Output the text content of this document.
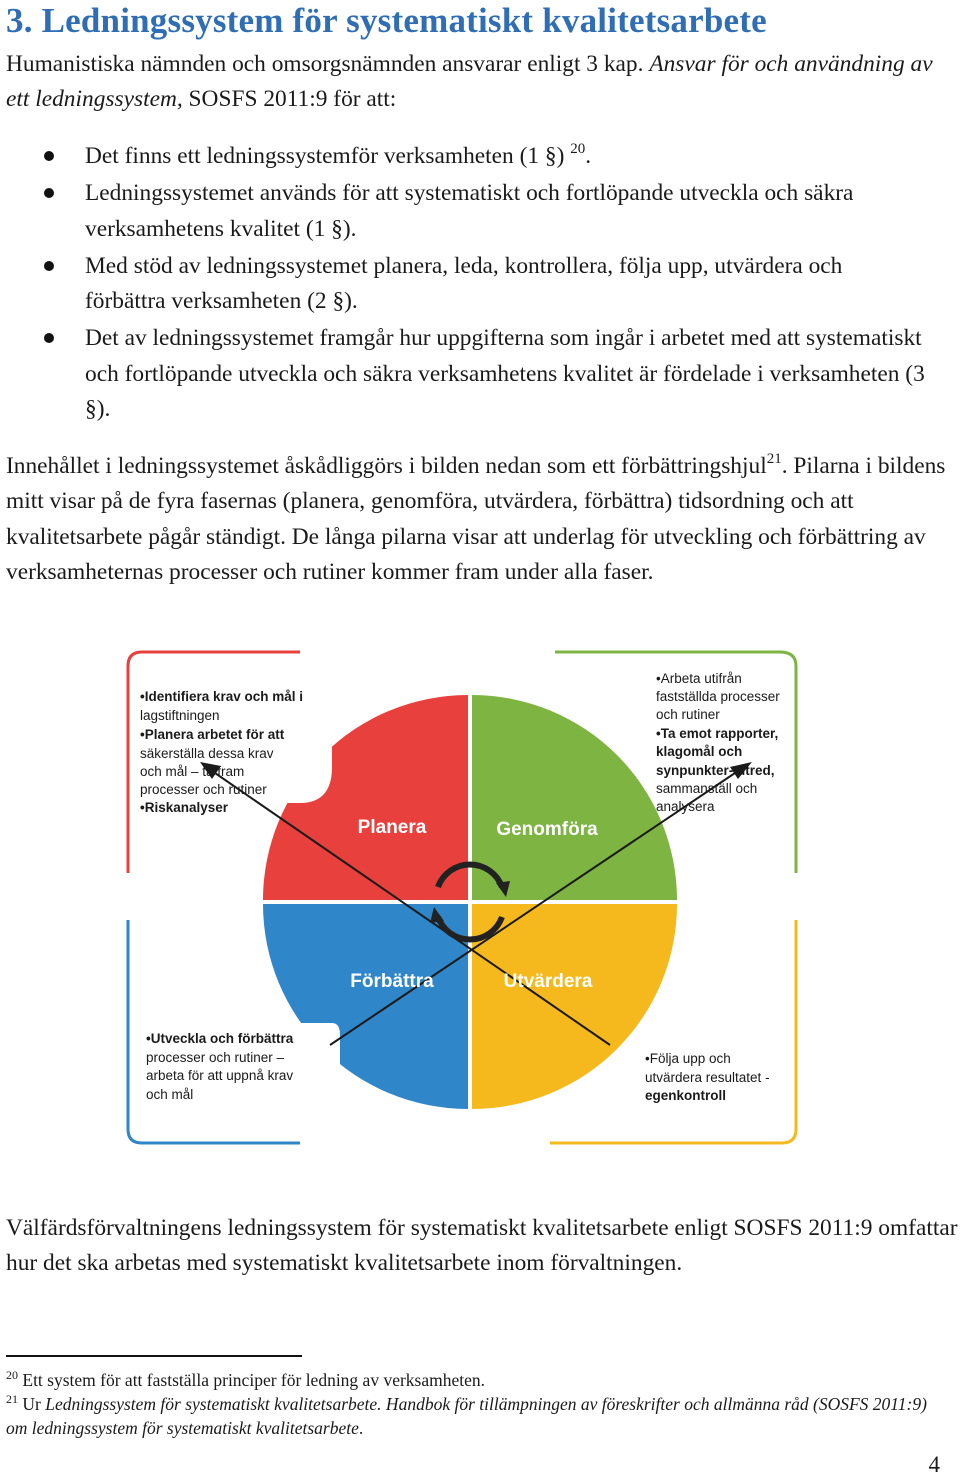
3. Ledningssystem för systematiskt kvalitetsarbete

Humanistiska nämnden och omsorgsnämnden ansvarar enligt 3 kap. Ansvar för och användning av ett ledningssystem, SOSFS 2011:9 för att:

Det finns ett ledningssystemför verksamheten (1 §) $^{20}$.
Ledningssystemet används för att systematiskt och fortlöpande utveckla och säkra verksamhetens kvalitet (1 §).
Med stöd av ledningssystemet planera, leda, kontrollera, följa upp, utvärdera och förbättra verksamheten (2 §).
Det av ledningssystemet framgår hur uppgifterna som ingår i arbetet med att systematiskt och fortlöpande utveckla och säkra verksamhetens kvalitet är fördelade i verksamheten (3 §).

Innehållet i ledningssystemet åskådliggörs i bilden nedan som ett förbättringshjul$^{21}$. Pilarna i bildens mitt visar på de fyra fasernas (planera, genomföra, utvärdera, förbättra) tidsordning och att kvalitetsarbete pågår ständigt. De långa pilarna visar att underlag för utveckling och förbättring av verksamheternas processer och rutiner kommer fram under alla faser.

Planera	Genomföra
Förbättra	Utvärdera
•Identifiera krav och mål i
lagstiftningen
•Planera arbetet för att
säkerställa dessa krav
och mål – ta fram
processer och rutiner
•Riskanalyser
•Arbeta utifrån
fastställda processer
och rutiner
•Ta emot rapporter,
klagomål och
synpunkter- utred,
sammanställ och
analysera
•Utveckla och förbättra
processer och rutiner –
arbeta för att uppnå krav
och mål
•Följa upp och
utvärdera resultatet -
egenkontroll

Välfärdsförvaltningens ledningssystem för systematiskt kvalitetsarbete enligt SOSFS 2011:9 omfattar hur det ska arbetas med systematiskt kvalitetsarbete inom förvaltningen.

$^{20}$ Ett system för att fastställa principer för ledning av verksamheten.

$^{21}$ Ur Ledningssystem för systematiskt kvalitetsarbete. Handbok för tillämpningen av föreskrifter och allmänna råd (SOSFS 2011:9) om ledningssystem för systematiskt kvalitetsarbete.

4
